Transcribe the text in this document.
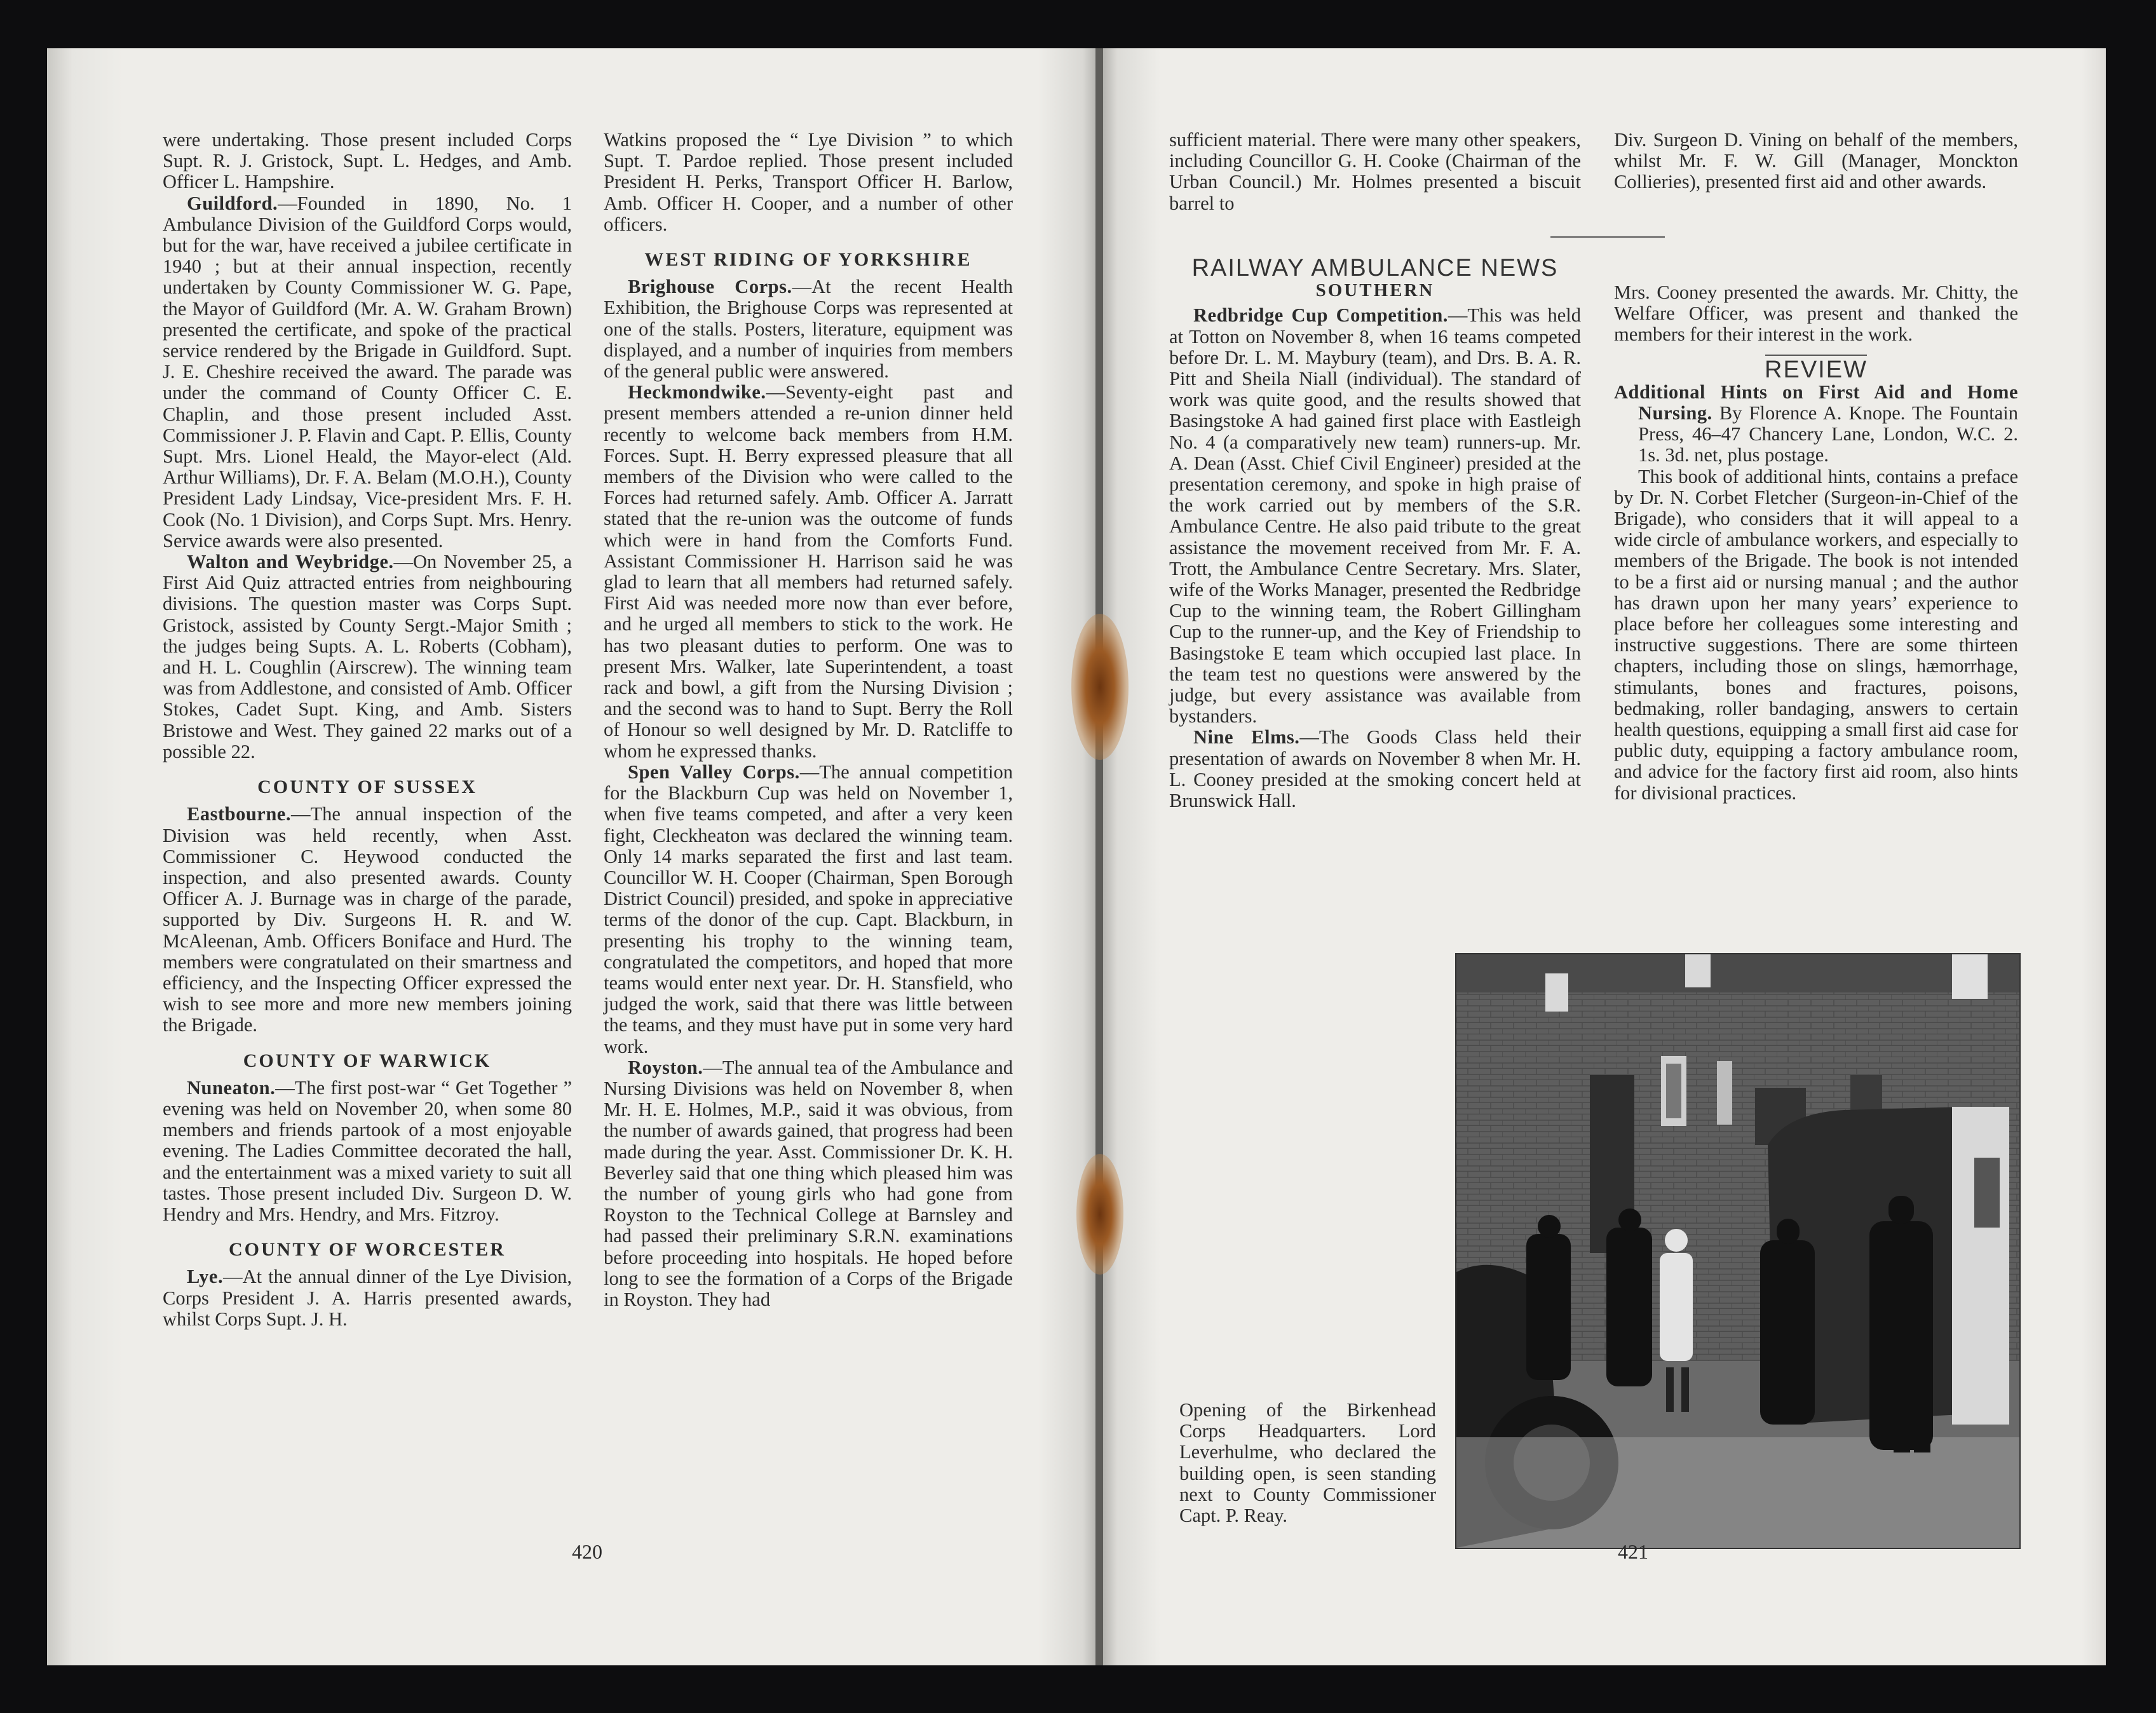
were undertaking. Those present included Corps Supt. R. J. Gristock, Supt. L. Hedges, and Amb. Officer L. Hampshire.

Guildford.—Founded in 1890, No. 1 Ambulance Division of the Guildford Corps would, but for the war, have received a jubilee certificate in 1940 ; but at their annual inspection, recently undertaken by County Commissioner W. G. Pape, the Mayor of Guildford (Mr. A. W. Graham Brown) presented the certificate, and spoke of the practical service rendered by the Brigade in Guildford. Supt. J. E. Cheshire received the award. The parade was under the command of County Officer C. E. Chaplin, and those present included Asst. Commissioner J. P. Flavin and Capt. P. Ellis, County Supt. Mrs. Lionel Heald, the Mayor-elect (Ald. Arthur Williams), Dr. F. A. Belam (M.O.H.), County President Lady Lindsay, Vice-president Mrs. F. H. Cook (No. 1 Division), and Corps Supt. Mrs. Henry. Service awards were also presented.

Walton and Weybridge.—On November 25, a First Aid Quiz attracted entries from neighbouring divisions. The question master was Corps Supt. Gristock, assisted by County Sergt.-Major Smith ; the judges being Supts. A. L. Roberts (Cobham), and H. L. Coughlin (Airscrew). The winning team was from Addlestone, and consisted of Amb. Officer Stokes, Cadet Supt. King, and Amb. Sisters Bristowe and West. They gained 22 marks out of a possible 22.

COUNTY OF SUSSEX

Eastbourne.—The annual inspection of the Division was held recently, when Asst. Commissioner C. Heywood conducted the inspection, and also presented awards. County Officer A. J. Burnage was in charge of the parade, supported by Div. Surgeons H. R. and W. McAleenan, Amb. Officers Boniface and Hurd. The members were congratulated on their smartness and efficiency, and the Inspecting Officer expressed the wish to see more and more new members joining the Brigade.

COUNTY OF WARWICK

Nuneaton.—The first post-war “ Get Together ” evening was held on November 20, when some 80 members and friends partook of a most enjoyable evening. The Ladies Committee decorated the hall, and the entertainment was a mixed variety to suit all tastes. Those present included Div. Surgeon D. W. Hendry and Mrs. Hendry, and Mrs. Fitzroy.

COUNTY OF WORCESTER

Lye.—At the annual dinner of the Lye Division, Corps President J. A. Harris presented awards, whilst Corps Supt. J. H.

Watkins proposed the “ Lye Division ” to which Supt. T. Pardoe replied. Those present included President H. Perks, Transport Officer H. Barlow, Amb. Officer H. Cooper, and a number of other officers.

WEST RIDING OF YORKSHIRE

Brighouse Corps.—At the recent Health Exhibition, the Brighouse Corps was represented at one of the stalls. Posters, literature, equipment was displayed, and a number of inquiries from members of the general public were answered.

Heckmondwike.—Seventy-eight past and present members attended a re-union dinner held recently to welcome back members from H.M. Forces. Supt. H. Berry expressed pleasure that all members of the Division who were called to the Forces had returned safely. Amb. Officer A. Jarratt stated that the re-union was the outcome of funds which were in hand from the Comforts Fund. Assistant Commissioner H. Harrison said he was glad to learn that all members had returned safely. First Aid was needed more now than ever before, and he urged all members to stick to the work. He has two pleasant duties to perform. One was to present Mrs. Walker, late Superintendent, a toast rack and bowl, a gift from the Nursing Division ; and the second was to hand to Supt. Berry the Roll of Honour so well designed by Mr. D. Ratcliffe to whom he expressed thanks.

Spen Valley Corps.—The annual competition for the Blackburn Cup was held on November 1, when five teams competed, and after a very keen fight, Cleckheaton was declared the winning team. Only 14 marks separated the first and last team. Councillor W. H. Cooper (Chairman, Spen Borough District Council) presided, and spoke in appreciative terms of the donor of the cup. Capt. Blackburn, in presenting his trophy to the winning team, congratulated the competitors, and hoped that more teams would enter next year. Dr. H. Stansfield, who judged the work, said that there was little between the teams, and they must have put in some very hard work.

Royston.—The annual tea of the Ambulance and Nursing Divisions was held on November 8, when Mr. H. E. Holmes, M.P., said it was obvious, from the number of awards gained, that progress had been made during the year. Asst. Commissioner Dr. K. H. Beverley said that one thing which pleased him was the number of young girls who had gone from Royston to the Technical College at Barnsley and had passed their preliminary S.R.N. examinations before proceeding into hospitals. He hoped before long to see the formation of a Corps of the Brigade in Royston. They had

420

sufficient material. There were many other speakers, including Councillor G. H. Cooke (Chairman of the Urban Council.) Mr. Holmes presented a biscuit barrel to

Div. Surgeon D. Vining on behalf of the members, whilst Mr. F. W. Gill (Manager, Monckton Collieries), presented first aid and other awards.

RAILWAY AMBULANCE NEWS
SOUTHERN

Redbridge Cup Competition.—This was held at Totton on November 8, when 16 teams competed before Dr. L. M. Maybury (team), and Drs. B. A. R. Pitt and Sheila Niall (individual). The standard of work was quite good, and the results showed that Basingstoke A had gained first place with Eastleigh No. 4 (a comparatively new team) runners-up. Mr. A. Dean (Asst. Chief Civil Engineer) presided at the presentation ceremony, and spoke in high praise of the work carried out by members of the S.R. Ambulance Centre. He also paid tribute to the great assistance the movement received from Mr. F. A. Trott, the Ambulance Centre Secretary. Mrs. Slater, wife of the Works Manager, presented the Redbridge Cup to the winning team, the Robert Gillingham Cup to the runner-up, and the Key of Friendship to Basingstoke E team which occupied last place. In the team test no questions were answered by the judge, but every assistance was available from bystanders.

Nine Elms.—The Goods Class held their presentation of awards on November 8 when Mr. H. L. Cooney presided at the smoking concert held at Brunswick Hall.

Mrs. Cooney presented the awards. Mr. Chitty, the Welfare Officer, was present and thanked the members for their interest in the work.

REVIEW

Additional Hints on First Aid and Home Nursing. By Florence A. Knope. The Fountain Press, 46–47 Chancery Lane, London, W.C. 2. 1s. 3d. net, plus postage.

This book of additional hints, contains a preface by Dr. N. Corbet Fletcher (Surgeon-in-Chief of the Brigade), who considers that it will appeal to a wide circle of ambulance workers, and especially to members of the Brigade. The book is not intended to be a first aid or nursing manual ; and the author has drawn upon her many years’ experience to place before her colleagues some interesting and instructive suggestions. There are some thirteen chapters, including those on slings, hæmorrhage, stimulants, bones and fractures, poisons, bedmaking, roller bandaging, answers to certain health questions, equipping a small first aid case for public duty, equipping a factory ambulance room, and advice for the factory first aid room, also hints for divisional practices.

Opening of the Birkenhead Corps Headquarters. Lord Leverhulme, who declared the building open, is seen standing next to County Commissioner Capt. P. Reay.
421
